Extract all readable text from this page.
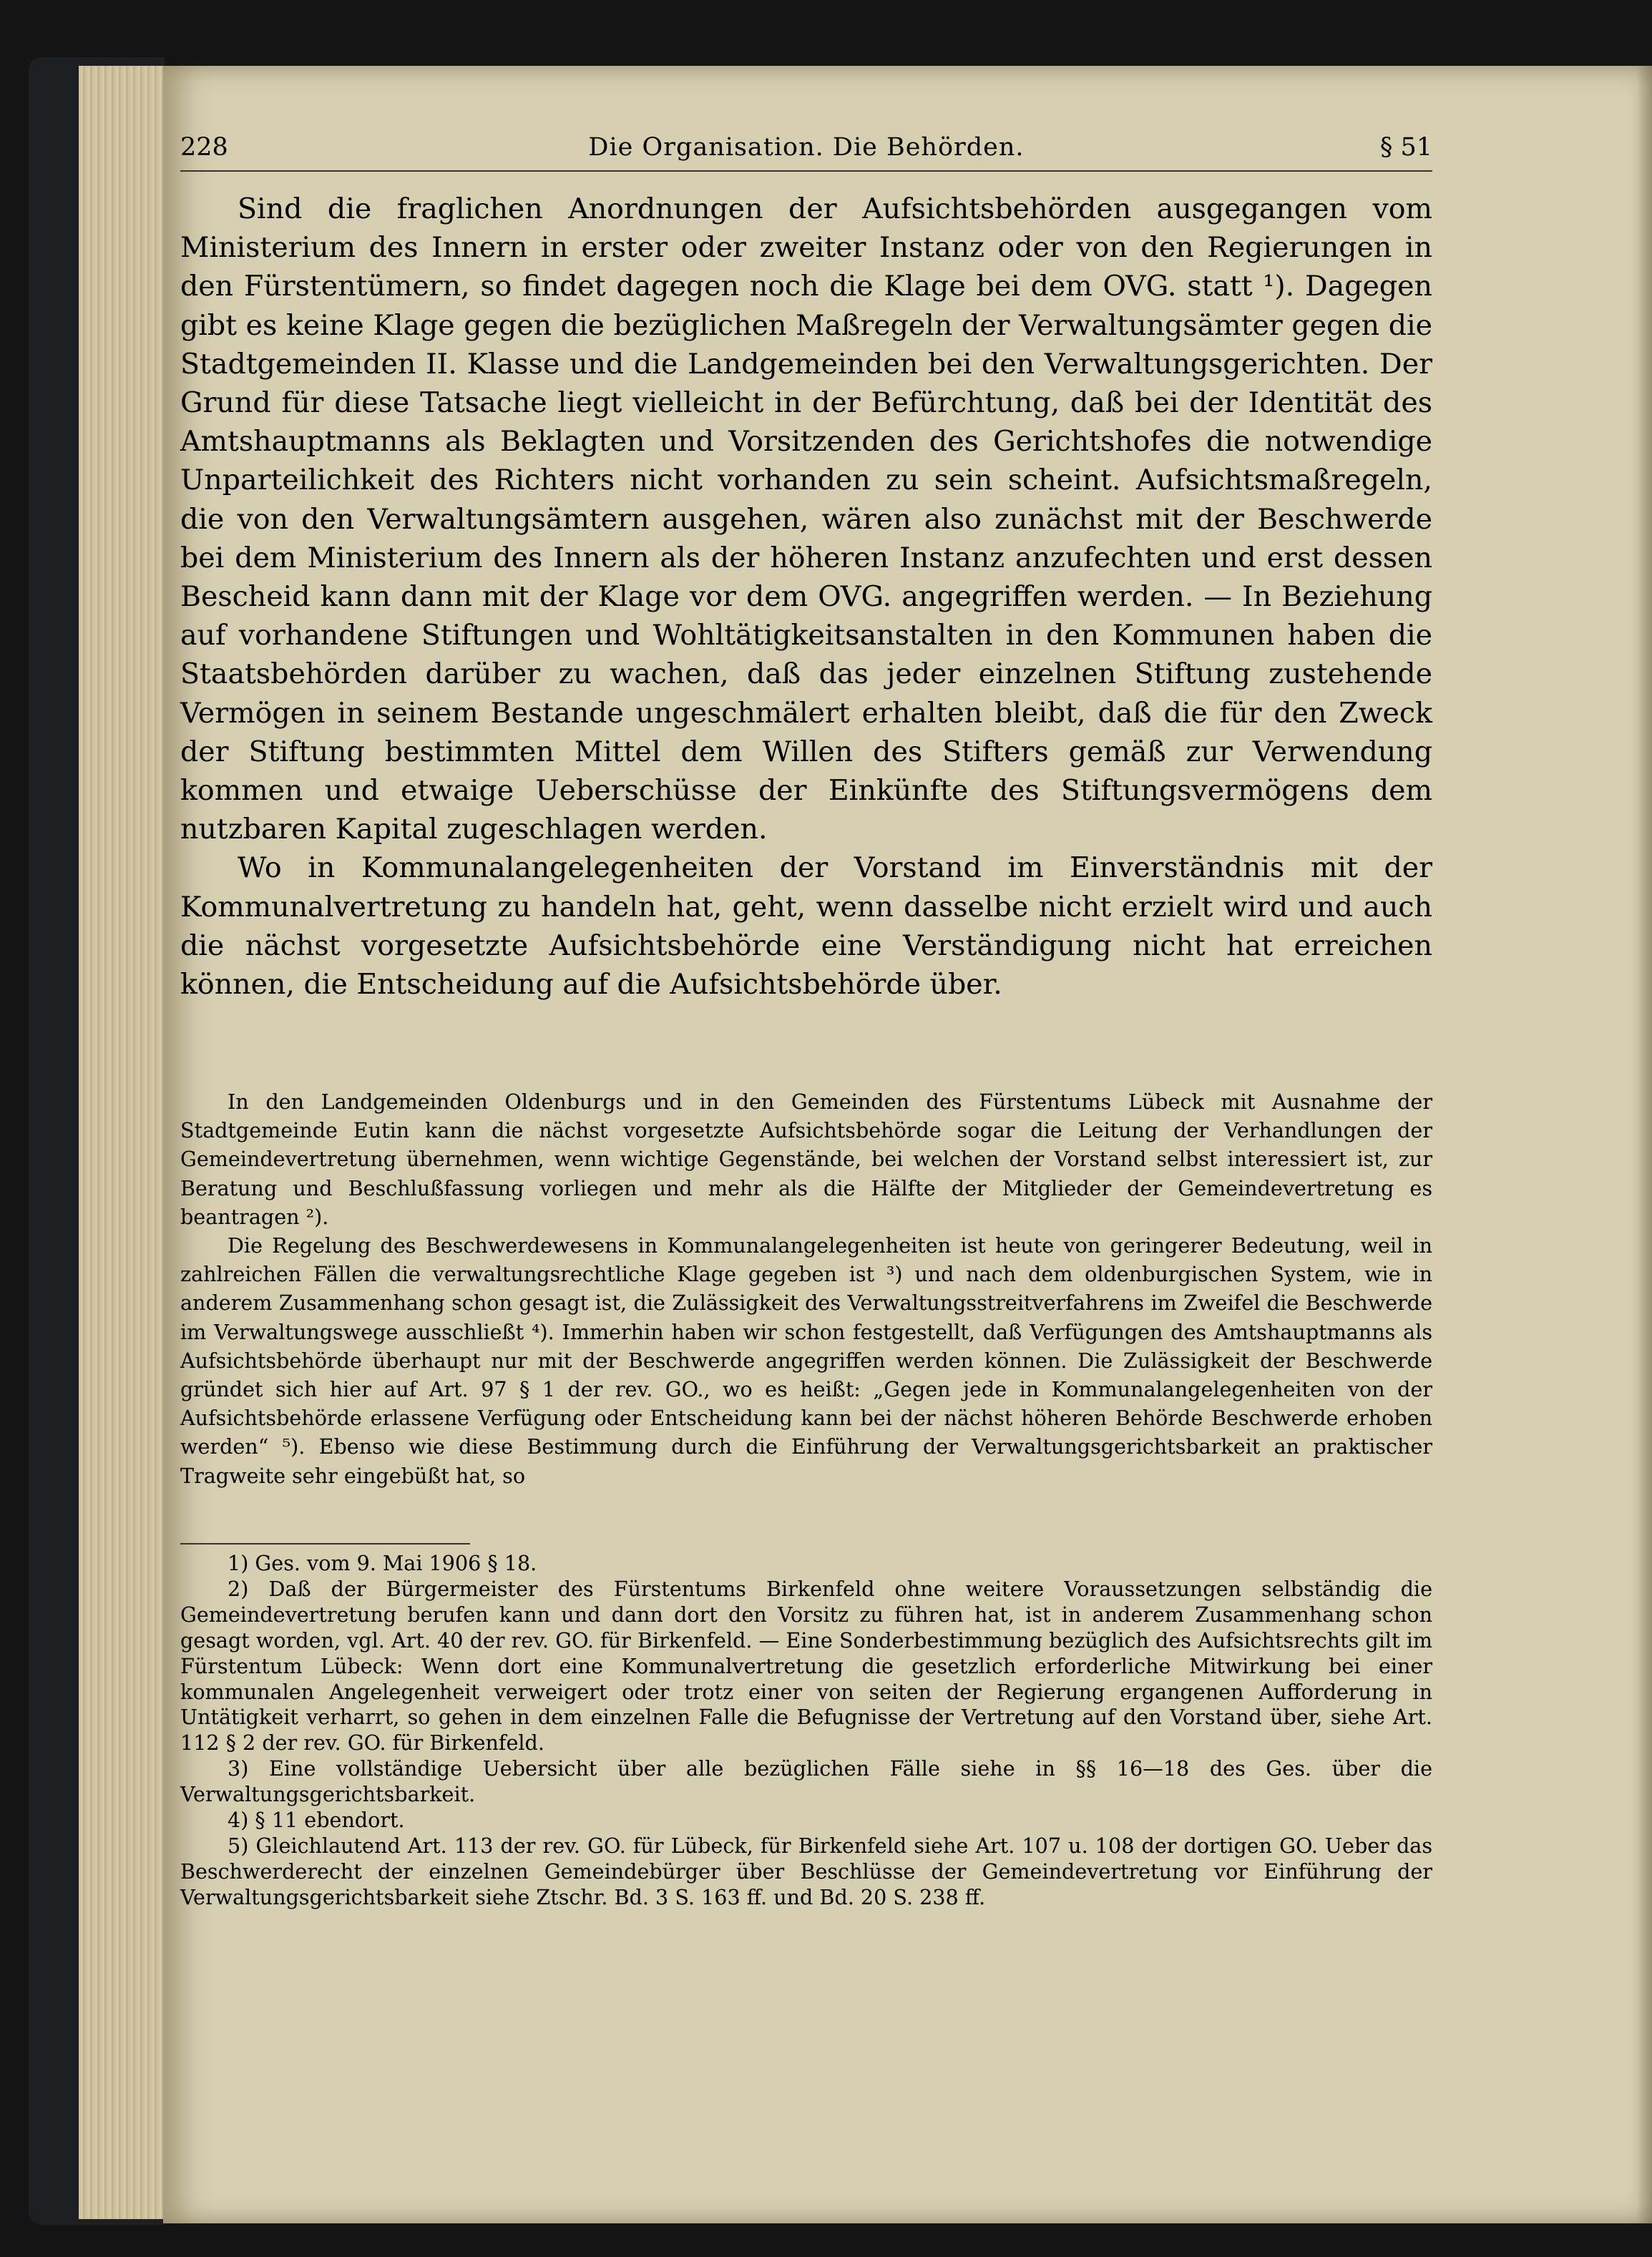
228	Die Organisation. Die Behörden.	§ 51

Sind die fraglichen Anordnungen der Aufsichtsbehörden ausgegangen vom Ministerium des Innern in erster oder zweiter Instanz oder von den Regierungen in den Fürstentümern, so findet dagegen noch die Klage bei dem OVG. statt ¹). Dagegen gibt es keine Klage gegen die bezüglichen Maßregeln der Verwaltungsämter gegen die Stadtgemeinden II. Klasse und die Landgemeinden bei den Verwaltungsgerichten. Der Grund für diese Tatsache liegt vielleicht in der Befürchtung, daß bei der Identität des Amtshauptmanns als Beklagten und Vorsitzenden des Gerichtshofes die notwendige Unparteilichkeit des Richters nicht vorhanden zu sein scheint. Aufsichtsmaßregeln, die von den Verwaltungsämtern ausgehen, wären also zunächst mit der Beschwerde bei dem Ministerium des Innern als der höheren Instanz anzufechten und erst dessen Bescheid kann dann mit der Klage vor dem OVG. angegriffen werden. — In Beziehung auf vorhandene Stiftungen und Wohltätigkeitsanstalten in den Kommunen haben die Staatsbehörden darüber zu wachen, daß das jeder einzelnen Stiftung zustehende Vermögen in seinem Bestande ungeschmälert erhalten bleibt, daß die für den Zweck der Stiftung bestimmten Mittel dem Willen des Stifters gemäß zur Verwendung kommen und etwaige Ueberschüsse der Einkünfte des Stiftungsvermögens dem nutzbaren Kapital zugeschlagen werden.

Wo in Kommunalangelegenheiten der Vorstand im Einverständnis mit der Kommunalvertretung zu handeln hat, geht, wenn dasselbe nicht erzielt wird und auch die nächst vorgesetzte Aufsichtsbehörde eine Verständigung nicht hat erreichen können, die Entscheidung auf die Aufsichtsbehörde über.

In den Landgemeinden Oldenburgs und in den Gemeinden des Fürstentums Lübeck mit Ausnahme der Stadtgemeinde Eutin kann die nächst vorgesetzte Aufsichtsbehörde sogar die Leitung der Verhandlungen der Gemeindevertretung übernehmen, wenn wichtige Gegenstände, bei welchen der Vorstand selbst interessiert ist, zur Beratung und Beschlußfassung vorliegen und mehr als die Hälfte der Mitglieder der Gemeindevertretung es beantragen ²).

Die Regelung des Beschwerdewesens in Kommunalangelegenheiten ist heute von geringerer Bedeutung, weil in zahlreichen Fällen die verwaltungsrechtliche Klage gegeben ist ³) und nach dem oldenburgischen System, wie in anderem Zusammenhang schon gesagt ist, die Zulässigkeit des Verwaltungsstreitverfahrens im Zweifel die Beschwerde im Verwaltungswege ausschließt ⁴). Immerhin haben wir schon festgestellt, daß Verfügungen des Amtshauptmanns als Aufsichtsbehörde überhaupt nur mit der Beschwerde angegriffen werden können. Die Zulässigkeit der Beschwerde gründet sich hier auf Art. 97 § 1 der rev. GO., wo es heißt: „Gegen jede in Kommunalangelegenheiten von der Aufsichtsbehörde erlassene Verfügung oder Entscheidung kann bei der nächst höheren Behörde Beschwerde erhoben werden“ ⁵). Ebenso wie diese Bestimmung durch die Einführung der Verwaltungsgerichtsbarkeit an praktischer Tragweite sehr eingebüßt hat, so

1) Ges. vom 9. Mai 1906 § 18.

2) Daß der Bürgermeister des Fürstentums Birkenfeld ohne weitere Voraussetzungen selbständig die Gemeindevertretung berufen kann und dann dort den Vorsitz zu führen hat, ist in anderem Zusammenhang schon gesagt worden, vgl. Art. 40 der rev. GO. für Birkenfeld. — Eine Sonderbestimmung bezüglich des Aufsichtsrechts gilt im Fürstentum Lübeck: Wenn dort eine Kommunalvertretung die gesetzlich erforderliche Mitwirkung bei einer kommunalen Angelegenheit verweigert oder trotz einer von seiten der Regierung ergangenen Aufforderung in Untätigkeit verharrt, so gehen in dem einzelnen Falle die Befugnisse der Vertretung auf den Vorstand über, siehe Art. 112 § 2 der rev. GO. für Birkenfeld.

3) Eine vollständige Uebersicht über alle bezüglichen Fälle siehe in §§ 16—18 des Ges. über die Verwaltungsgerichtsbarkeit.

4) § 11 ebendort.

5) Gleichlautend Art. 113 der rev. GO. für Lübeck, für Birkenfeld siehe Art. 107 u. 108 der dortigen GO. Ueber das Beschwerderecht der einzelnen Gemeindebürger über Beschlüsse der Gemeindevertretung vor Einführung der Verwaltungsgerichtsbarkeit siehe Ztschr. Bd. 3 S. 163 ff. und Bd. 20 S. 238 ff.
